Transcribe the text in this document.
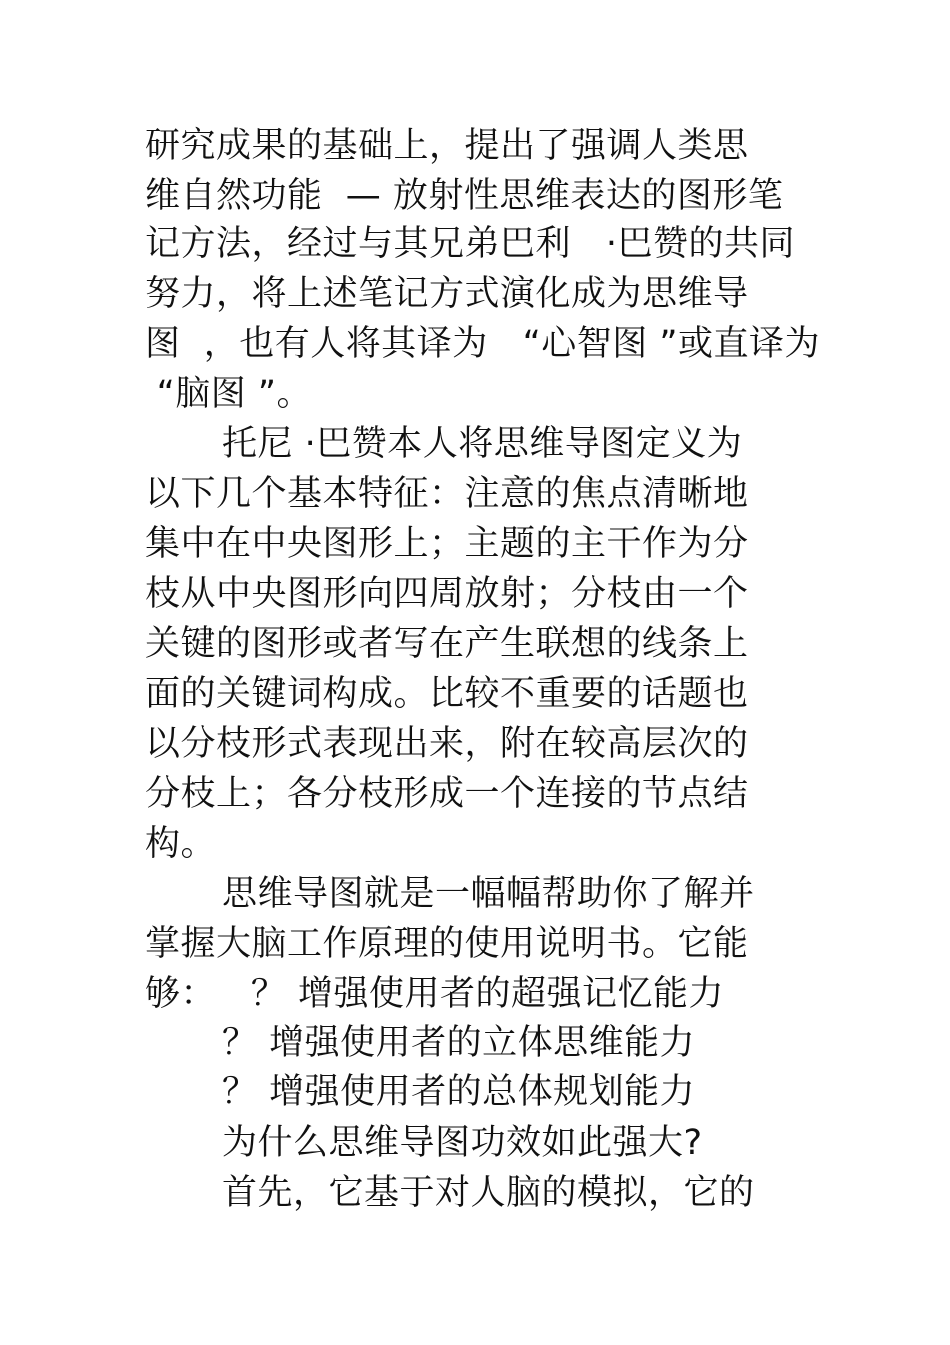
研究成果的基础上，提出了强调人类思
维自然功能  — 放射性思维表达的图形笔
记方法，经过与其兄弟巴利   ·巴赞的共同
努力，将上述笔记方式演化成为思维导
图  ，也有人将其译为   “心智图 ”或直译为
“脑图 ”。
托尼 ·巴赞本人将思维导图定义为
以下几个基本特征：注意的焦点清晰地
集中在中央图形上；主题的主干作为分
枝从中央图形向四周放射；分枝由一个
关键的图形或者写在产生联想的线条上
面的关键词构成。比较不重要的话题也
以分枝形式表现出来，附在较高层次的
分枝上；各分枝形成一个连接的节点结
构。
思维导图就是一幅幅帮助你了解并
掌握大脑工作原理的使用说明书。它能
够：   ？ 增强使用者的超强记忆能力
？ 增强使用者的立体思维能力
？ 增强使用者的总体规划能力
为什么思维导图功效如此强大?
首先，它基于对人脑的模拟，它的
